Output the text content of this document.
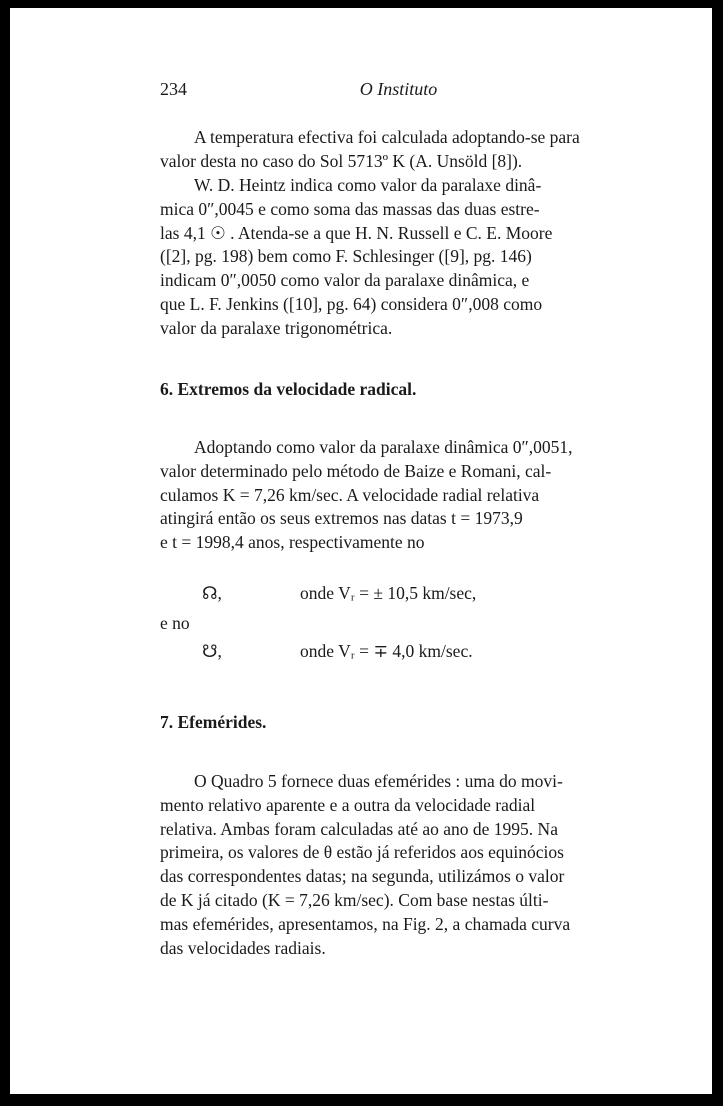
234	O Instituto

A temperatura efectiva foi calculada adoptando-se para

valor desta no caso do Sol 5713º K (A. Unsöld [8]).

W. D. Heintz indica como valor da paralaxe dinâ-

mica 0″,0045 e como soma das massas das duas estre-

las 4,1 ☉ . Atenda-se a que H. N. Russell e C. E. Moore

([2], pg. 198) bem como F. Schlesinger ([9], pg. 146)

indicam 0″,0050 como valor da paralaxe dinâmica, e

que L. F. Jenkins ([10], pg. 64) considera 0″,008 como

valor da paralaxe trigonométrica.

6. Extremos da velocidade radical.

Adoptando como valor da paralaxe dinâmica 0″,0051,

valor determinado pelo método de Baize e Romani, cal-

culamos K = 7,26 km/sec. A velocidade radial relativa

atingirá então os seus extremos nas datas t = 1973,9

e t = 1998,4 anos, respectivamente no

☊,	onde Vᵣ = ± 10,5 km/sec,
e no
☋,	onde Vᵣ = ∓ 4,0 km/sec.
7. Efemérides.

O Quadro 5 fornece duas efemérides : uma do movi-

mento relativo aparente e a outra da velocidade radial

relativa. Ambas foram calculadas até ao ano de 1995. Na

primeira, os valores de θ estão já referidos aos equinócios

das correspondentes datas; na segunda, utilizámos o valor

de K já citado (K = 7,26 km/sec). Com base nestas últi-

mas efemérides, apresentamos, na Fig. 2, a chamada curva

das velocidades radiais.
